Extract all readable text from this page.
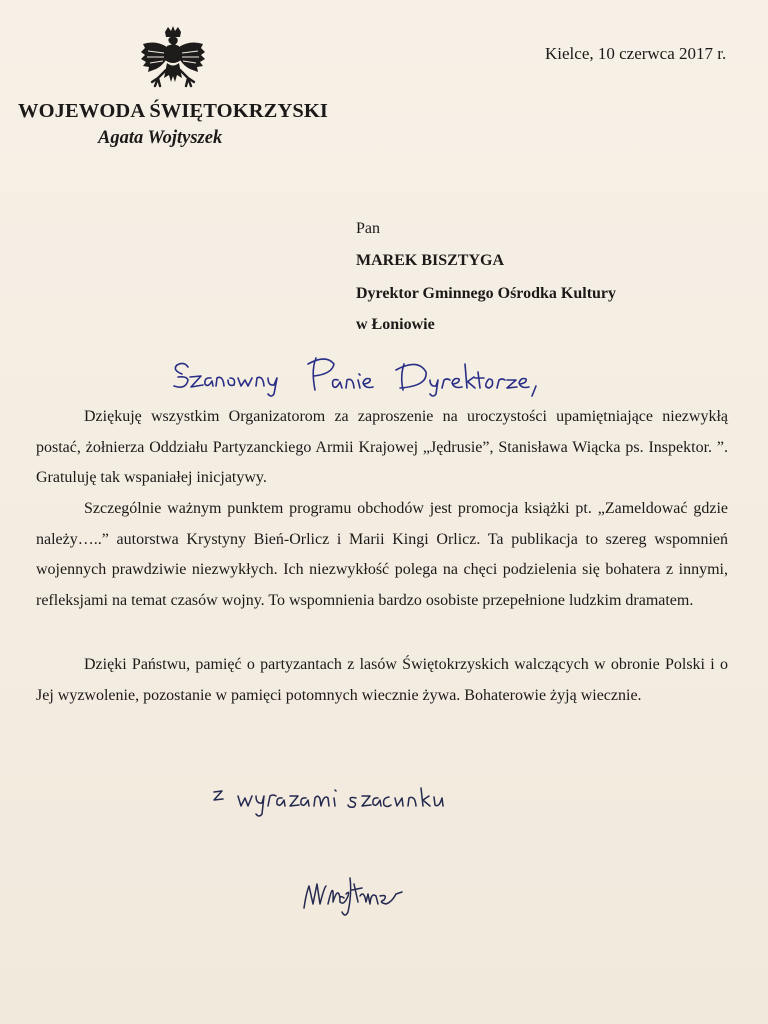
WOJEWODA ŚWIĘTOKRZYSKI
Agata Wojtyszek
Kielce, 10 czerwca 2017 r.
Pan
MAREK BISZTYGA
Dyrektor Gminnego Ośrodka Kultury
w Łoniowie
Dziękuję wszystkim Organizatorom za zaproszenie na uroczystości upamiętniające niezwykłą postać, żołnierza Oddziału Partyzanckiego Armii Krajowej „Jędrusie”, Stanisława Wiącka ps. Inspektor. ”. Gratuluję tak wspaniałej inicjatywy.
Szczególnie ważnym punktem programu obchodów jest promocja książki pt. „Zameldować gdzie należy…..” autorstwa Krystyny Bień-Orlicz i Marii Kingi Orlicz. Ta publikacja to szereg wspomnień wojennych prawdziwie niezwykłych. Ich niezwykłość polega na chęci podzielenia się bohatera z innymi, refleksjami na temat czasów wojny. To wspomnienia bardzo osobiste przepełnione ludzkim dramatem.
Dzięki Państwu, pamięć o partyzantach z lasów Świętokrzyskich walczących w obronie Polski i o Jej wyzwolenie, pozostanie w pamięci potomnych wiecznie żywa. Bohaterowie żyją wiecznie.
